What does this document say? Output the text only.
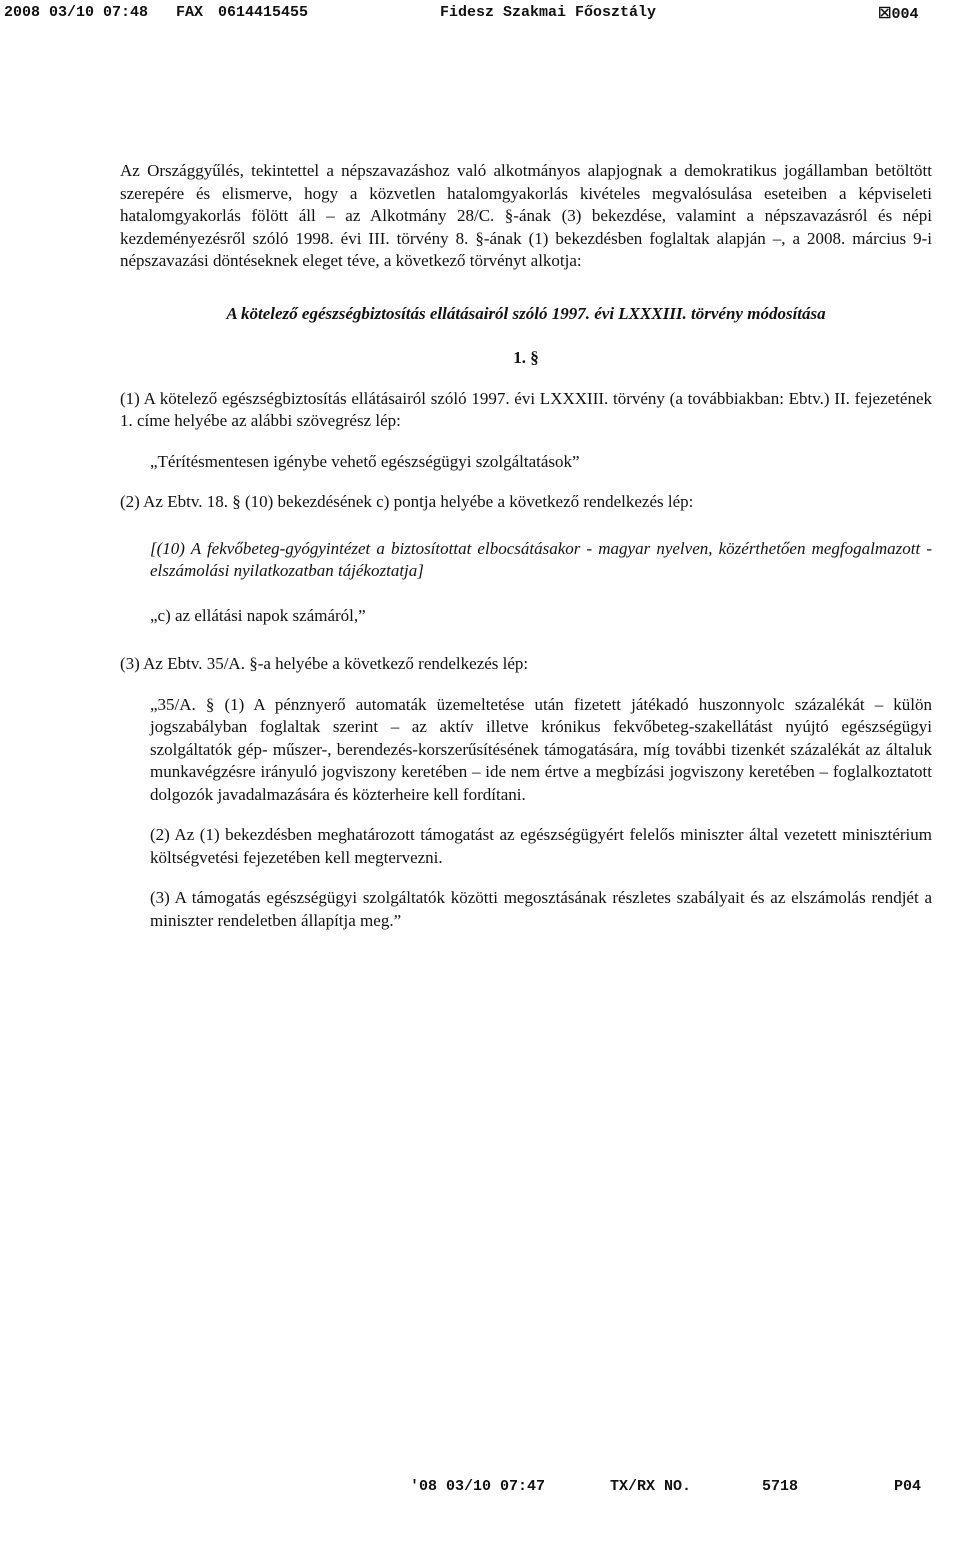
2008 03/10 07:48

FAX

0614415455

	Fidesz Szakmai Főosztály

	☒004

Az Országgyűlés, tekintettel a népszavazáshoz való alkotmányos alapjognak a demokratikus jogállamban betöltött szerepére és elismerve, hogy a közvetlen hatalomgyakorlás kivételes megvalósulása eseteiben a képviseleti hatalomgyakorlás fölött áll – az Alkotmány 28/C. §-ának (3) bekezdése, valamint a népszavazásról és népi kezdeményezésről szóló 1998. évi III. törvény 8. §-ának (1) bekezdésben foglaltak alapján –, a 2008. március 9-i népszavazási döntéseknek eleget téve, a következő törvényt alkotja:

A kötelező egészségbiztosítás ellátásairól szóló 1997. évi LXXXIII. törvény módosítása

1. §

(1) A kötelező egészségbiztosítás ellátásairól szóló 1997. évi LXXXIII. törvény (a továbbiakban: Ebtv.) II. fejezetének 1. címe helyébe az alábbi szövegrész lép:

„Térítésmentesen igénybe vehető egészségügyi szolgáltatások”

(2) Az Ebtv. 18. § (10) bekezdésének c) pontja helyébe a következő rendelkezés lép:

[(10) A fekvőbeteg-gyógyintézet a biztosítottat elbocsátásakor - magyar nyelven, közérthetően megfogalmazott - elszámolási nyilatkozatban tájékoztatja]

„c) az ellátási napok számáról,”

(3) Az Ebtv. 35/A. §-a helyébe a következő rendelkezés lép:

„35/A. § (1) A pénznyerő automaták üzemeltetése után fizetett játékadó huszonnyolc százalékát – külön jogszabályban foglaltak szerint – az aktív illetve krónikus fekvőbeteg-szakellátást nyújtó egészségügyi szolgáltatók gép- műszer-, berendezés-korszerűsítésének támogatására, míg további tizenkét százalékát az általuk munkavégzésre irányuló jogviszony keretében – ide nem értve a megbízási jogviszony keretében – foglalkoztatott dolgozók javadalmazására és közterheire kell fordítani.

(2) Az (1) bekezdésben meghatározott támogatást az egészségügyért felelős miniszter által vezetett minisztérium költségvetési fejezetében kell megtervezni.

(3) A támogatás egészségügyi szolgáltatók közötti megosztásának részletes szabályait és az elszámolás rendjét a miniszter rendeletben állapítja meg.”

'08 03/10 07:47

	TX/RX NO.

	5718

	P04
